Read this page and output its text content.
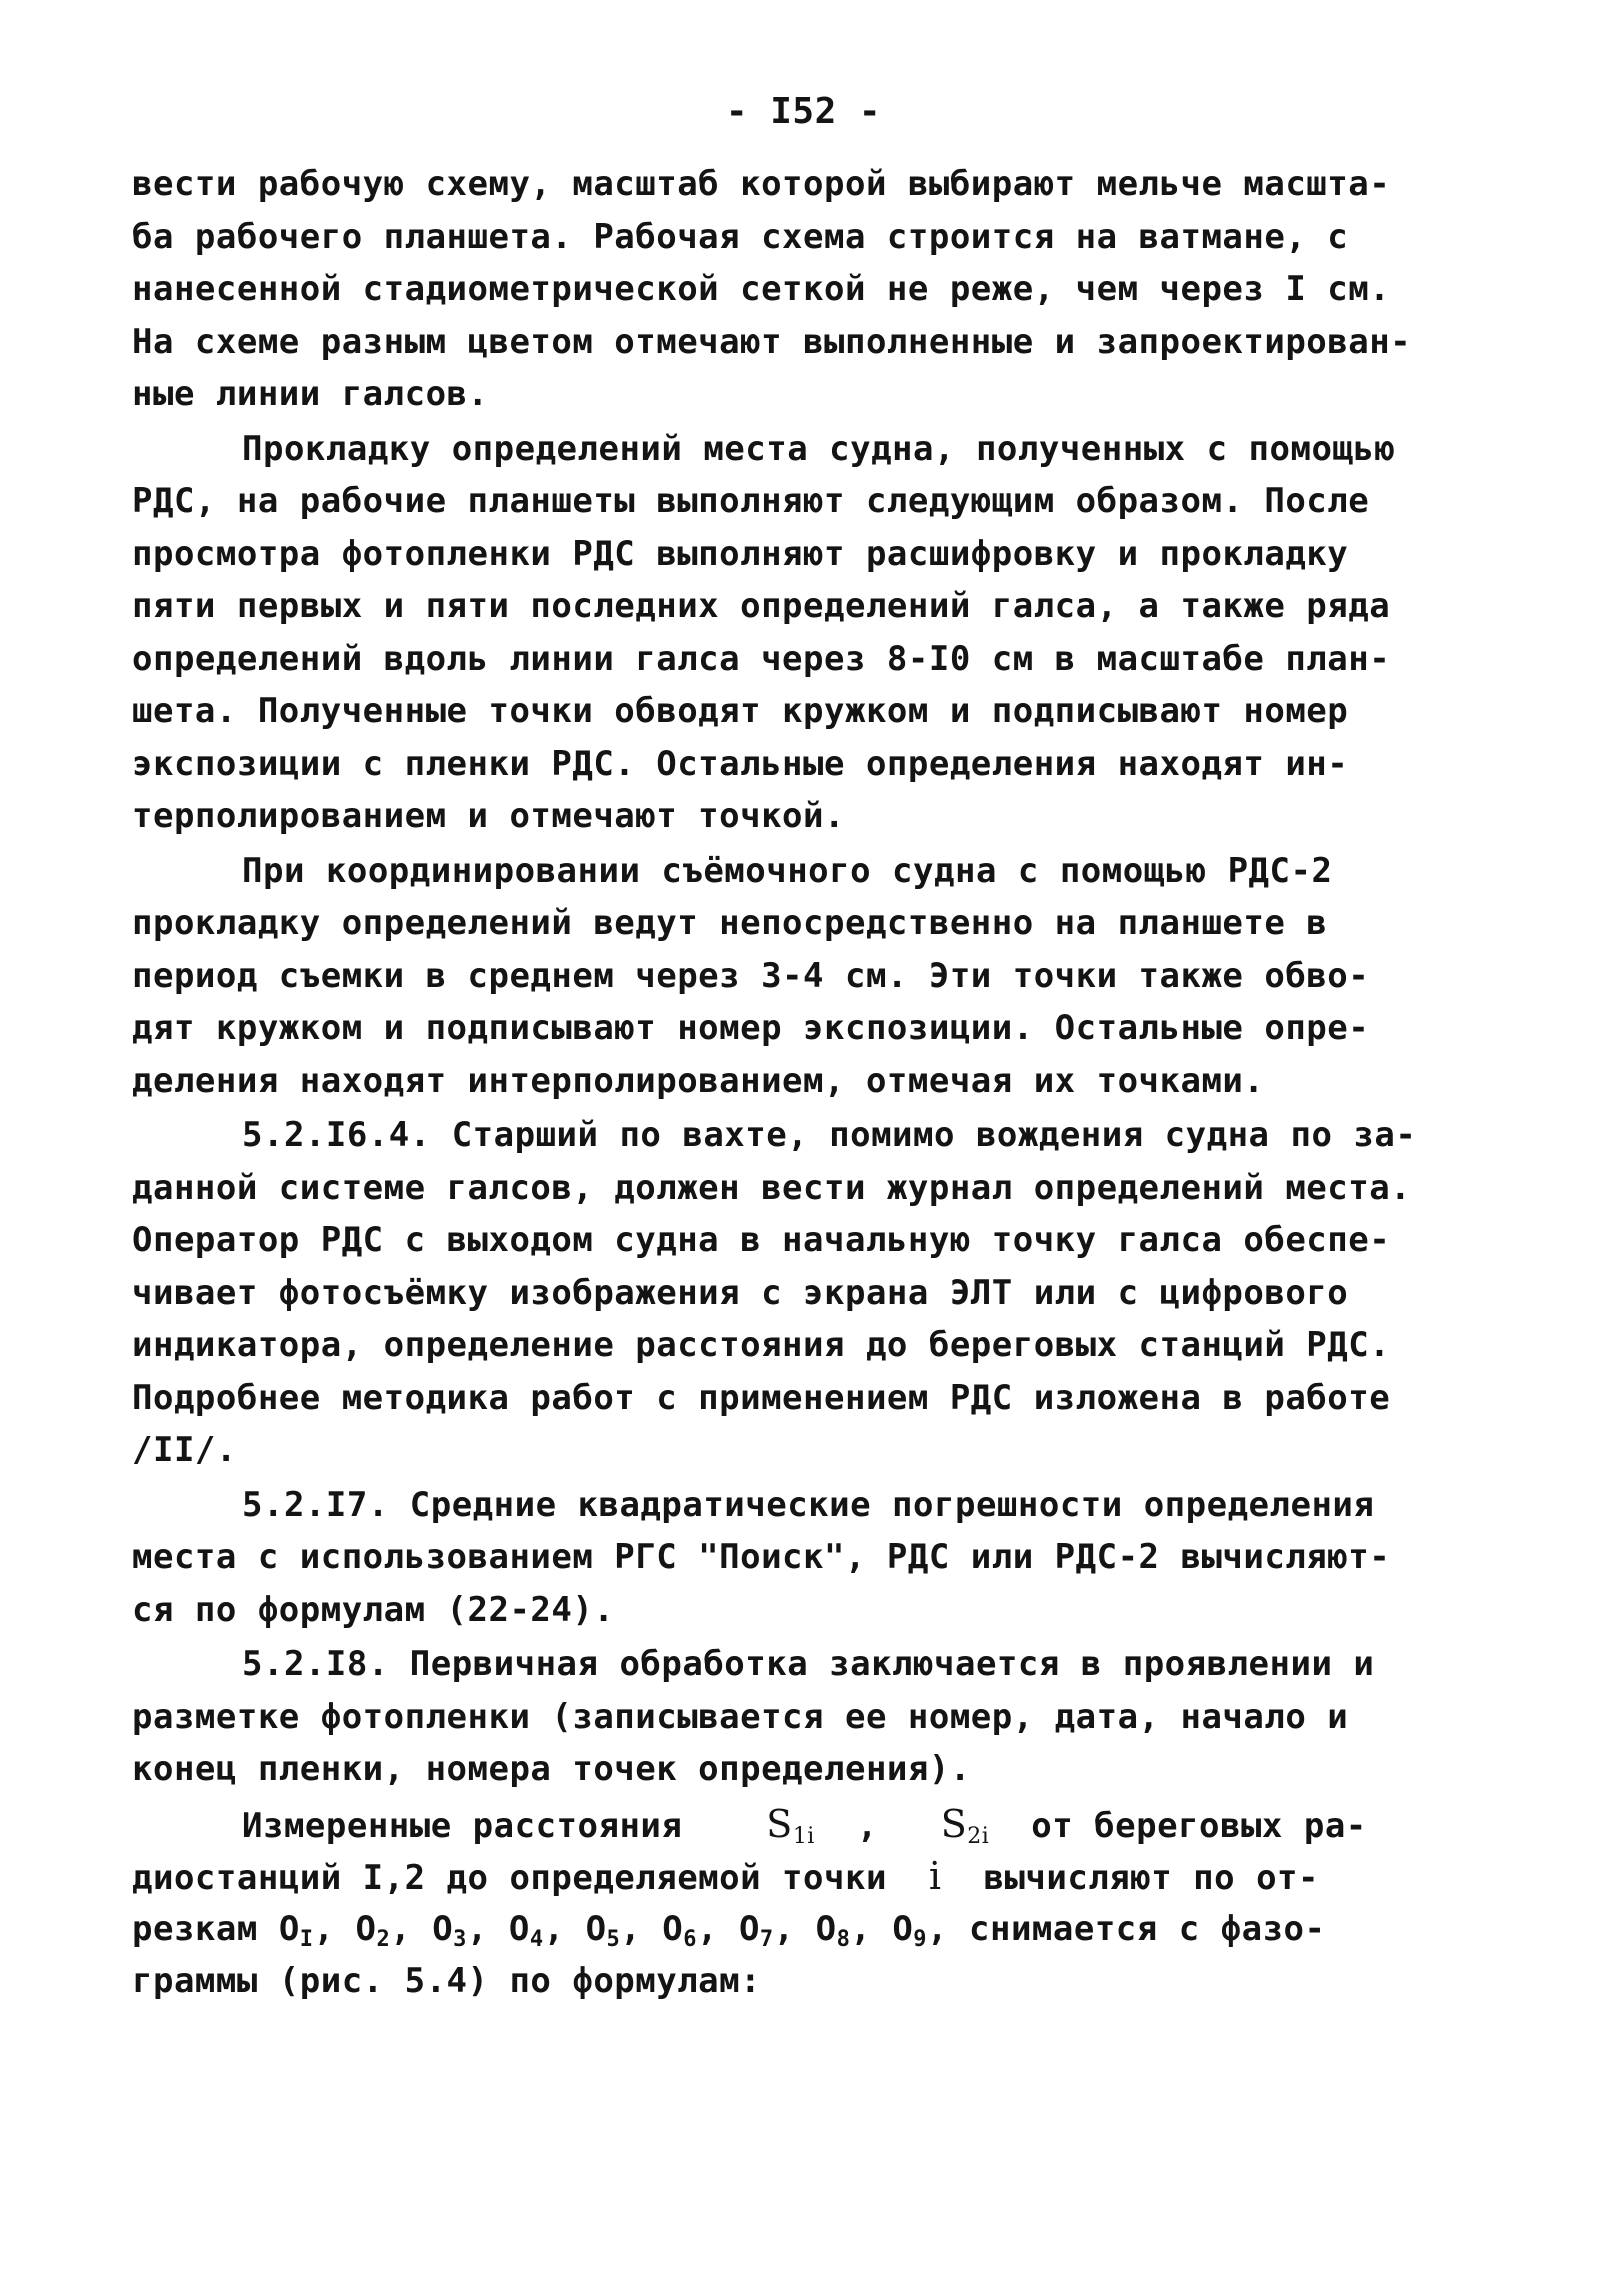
- I52 -
вести рабочую схему, масштаб которой выбирают мельче масшта-
ба рабочего планшета. Рабочая схема строится на ватмане, с
нанесенной стадиометрической сеткой не реже, чем через I см.
На схеме разным цветом отмечают выполненные и запроектирован-
ные линии галсов.
Прокладку определений места судна, полученных с помощью
РДС, на рабочие планшеты выполняют следующим образом. После
просмотра фотопленки РДС выполняют расшифровку и прокладку
пяти первых и пяти последних определений галса, а также ряда
определений вдоль линии галса через 8-I0 см в масштабе план-
шета. Полученные точки обводят кружком и подписывают номер
экспозиции с пленки РДС. Остальные определения находят ин-
терполированием и отмечают точкой.
При координировании съёмочного судна с помощью РДС-2
прокладку определений ведут непосредственно на планшете в
период съемки в среднем через 3-4 см. Эти точки также обво-
дят кружком и подписывают номер экспозиции. Остальные опре-
деления находят интерполированием, отмечая их точками.
5.2.I6.4. Старший по вахте, помимо вождения судна по за-
данной системе галсов, должен вести журнал определений места.
Оператор РДС с выходом судна в начальную точку галса обеспе-
чивает фотосъёмку изображения с экрана ЭЛТ или с цифрового
индикатора, определение расстояния до береговых станций РДС.
Подробнее методика работ с применением РДС изложена в работе
/II/.
5.2.I7. Средние квадратические погрешности определения
места с использованием РГС "Поиск", РДС или РДС-2 вычисляют-
ся по формулам (22-24).
5.2.I8. Первичная обработка заключается в проявлении и
разметке фотопленки (записывается ее номер, дата, начало и
конец пленки, номера точек определения).
Измеренные расстояния $S_{1i}$ , $S_{2i}$ от береговых ра-
диостанций I,2 до определяемой точки i вычисляют по от-
резкам $O_I$, $O_2$, $O_3$, $O_4$, $O_5$, $O_6$, $O_7$, $O_8$, $O_9$, снимается с фазо-
граммы (рис. 5.4) по формулам:
